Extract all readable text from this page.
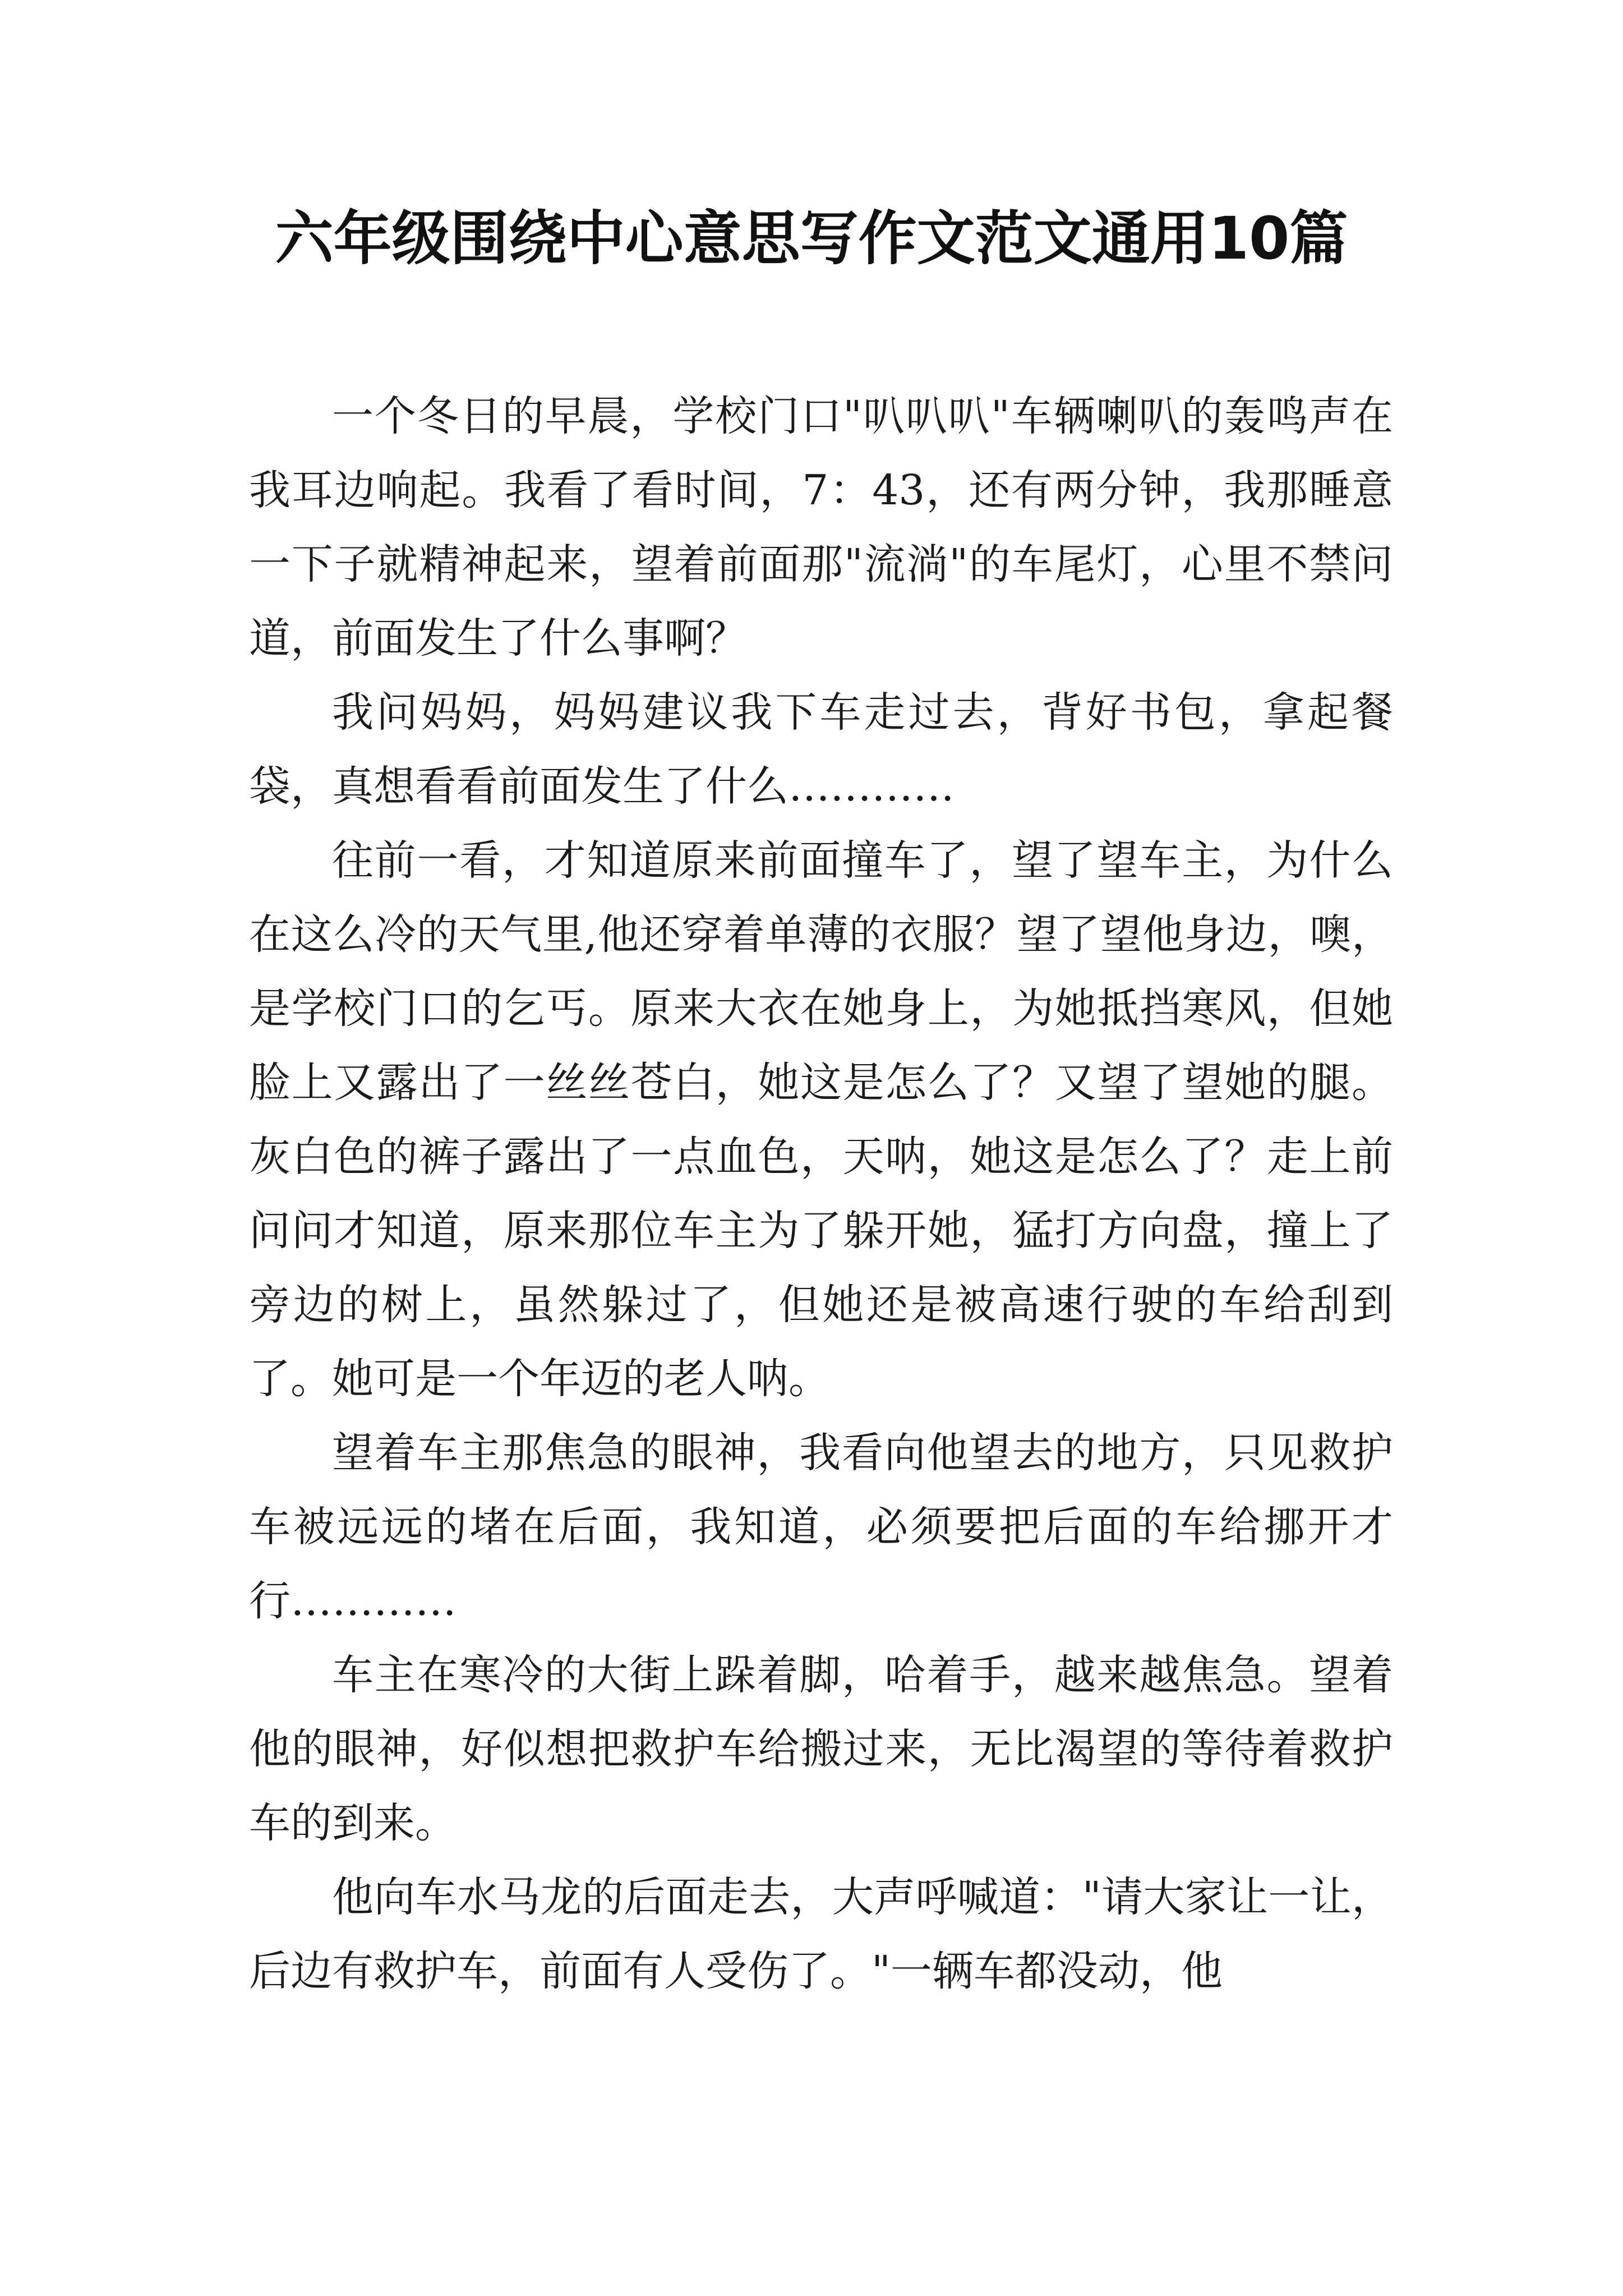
六年级围绕中心意思写作文范文通用10篇

一个冬日的早晨，学校门口"叭叭叭"车辆喇叭的轰鸣声在我耳边响起。我看了看时间，7：43，还有两分钟，我那睡意一下子就精神起来，望着前面那"流淌"的车尾灯，心里不禁问道，前面发生了什么事啊？

我问妈妈，妈妈建议我下车走过去，背好书包，拿起餐袋，真想看看前面发生了什么…………

往前一看，才知道原来前面撞车了，望了望车主，为什么在这么冷的天气里,他还穿着单薄的衣服？望了望他身边，噢，是学校门口的乞丐。原来大衣在她身上，为她抵挡寒风，但她脸上又露出了一丝丝苍白，她这是怎么了？又望了望她的腿。灰白色的裤子露出了一点血色，天呐，她这是怎么了？走上前问问才知道，原来那位车主为了躲开她，猛打方向盘，撞上了旁边的树上，虽然躲过了，但她还是被高速行驶的车给刮到了。她可是一个年迈的老人呐。

望着车主那焦急的眼神，我看向他望去的地方，只见救护车被远远的堵在后面，我知道，必须要把后面的车给挪开才行…………

车主在寒冷的大街上跺着脚，哈着手，越来越焦急。望着他的眼神，好似想把救护车给搬过来，无比渴望的等待着救护车的到来。

他向车水马龙的后面走去，大声呼喊道："请大家让一让，后边有救护车，前面有人受伤了。"一辆车都没动，他
